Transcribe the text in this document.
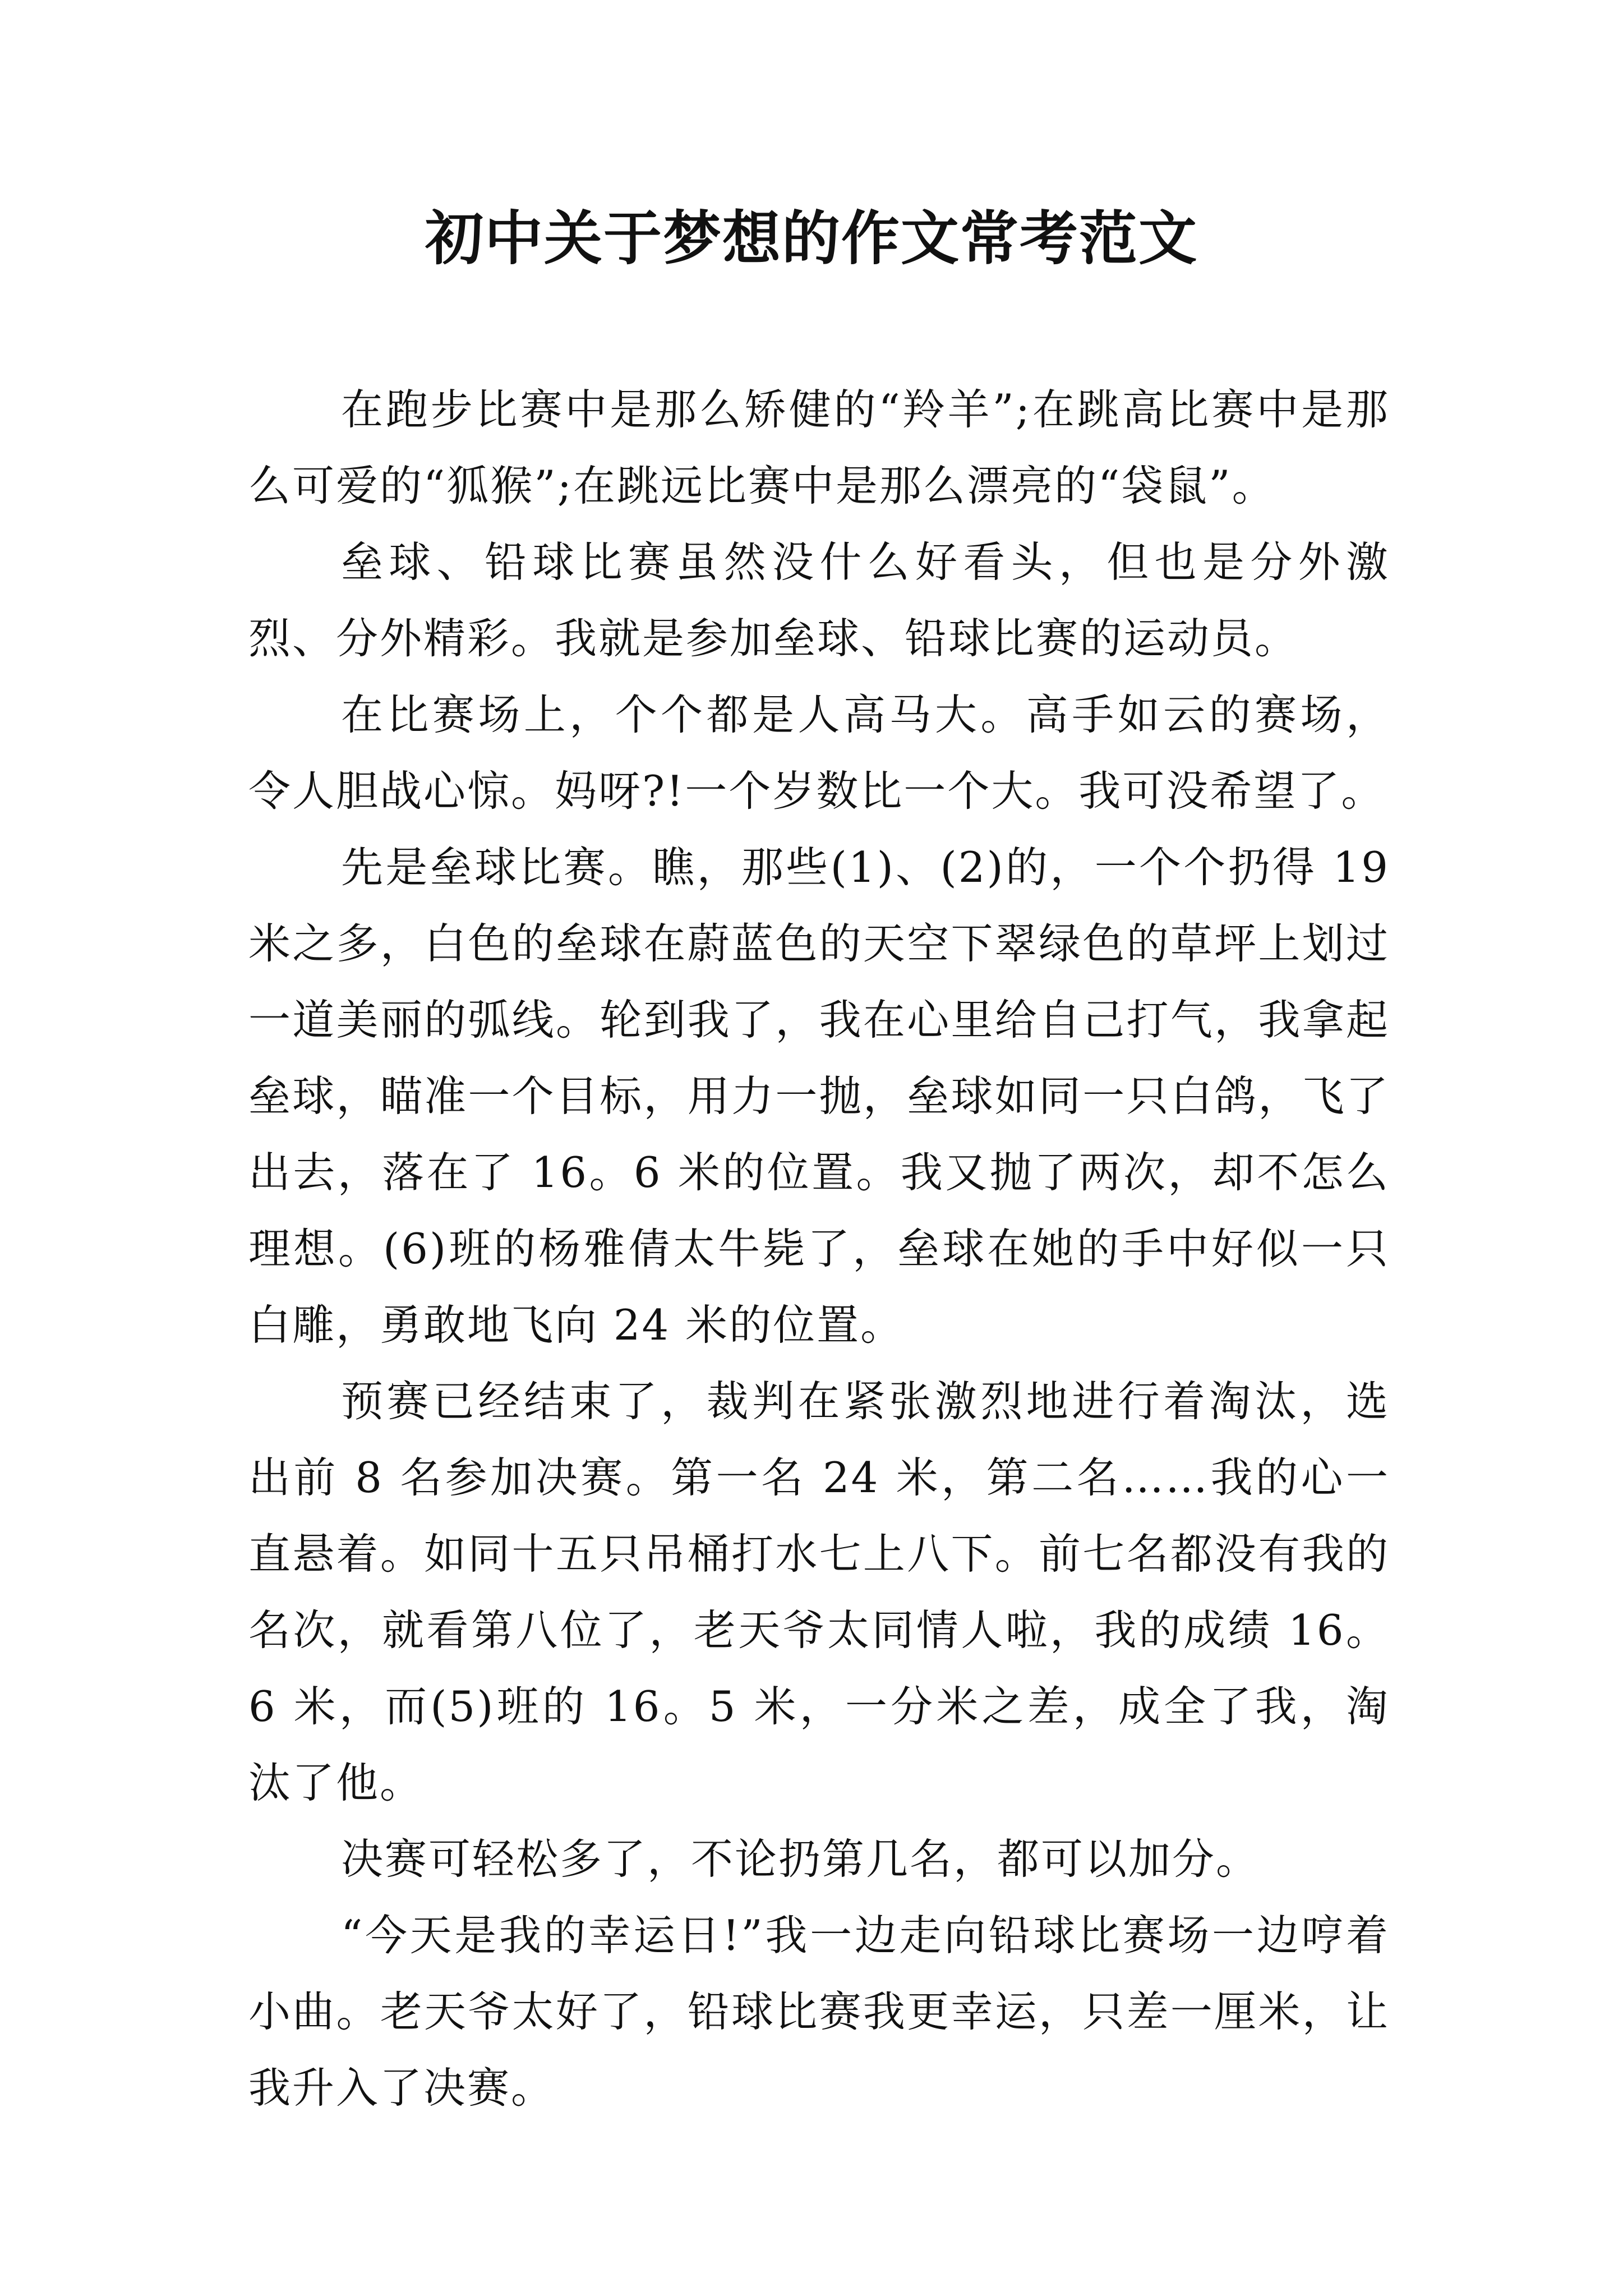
初中关于梦想的作文常考范文

在跑步比赛中是那么矫健的“羚羊”;在跳高比赛中是那么可爱的“狐猴”;在跳远比赛中是那么漂亮的“袋鼠”。

垒球、铅球比赛虽然没什么好看头，但也是分外激烈、分外精彩。我就是参加垒球、铅球比赛的运动员。

在比赛场上，个个都是人高马大。高手如云的赛场，令人胆战心惊。妈呀?!一个岁数比一个大。我可没希望了。

先是垒球比赛。瞧，那些(1)、(2)的，一个个扔得 19 米之多，白色的垒球在蔚蓝色的天空下翠绿色的草坪上划过一道美丽的弧线。轮到我了，我在心里给自己打气，我拿起垒球，瞄准一个目标，用力一抛，垒球如同一只白鸽，飞了出去，落在了 16。6 米的位置。我又抛了两次，却不怎么理想。(6)班的杨雅倩太牛毙了，垒球在她的手中好似一只白雕，勇敢地飞向 24 米的位置。

预赛已经结束了，裁判在紧张激烈地进行着淘汰，选出前 8 名参加决赛。第一名 24 米，第二名……我的心一直悬着。如同十五只吊桶打水七上八下。前七名都没有我的名次，就看第八位了，老天爷太同情人啦，我的成绩 16。6 米，而(5)班的 16。5 米，一分米之差，成全了我，淘汰了他。

决赛可轻松多了，不论扔第几名，都可以加分。

“今天是我的幸运日!”我一边走向铅球比赛场一边哼着小曲。老天爷太好了，铅球比赛我更幸运，只差一厘米，让我升入了决赛。
